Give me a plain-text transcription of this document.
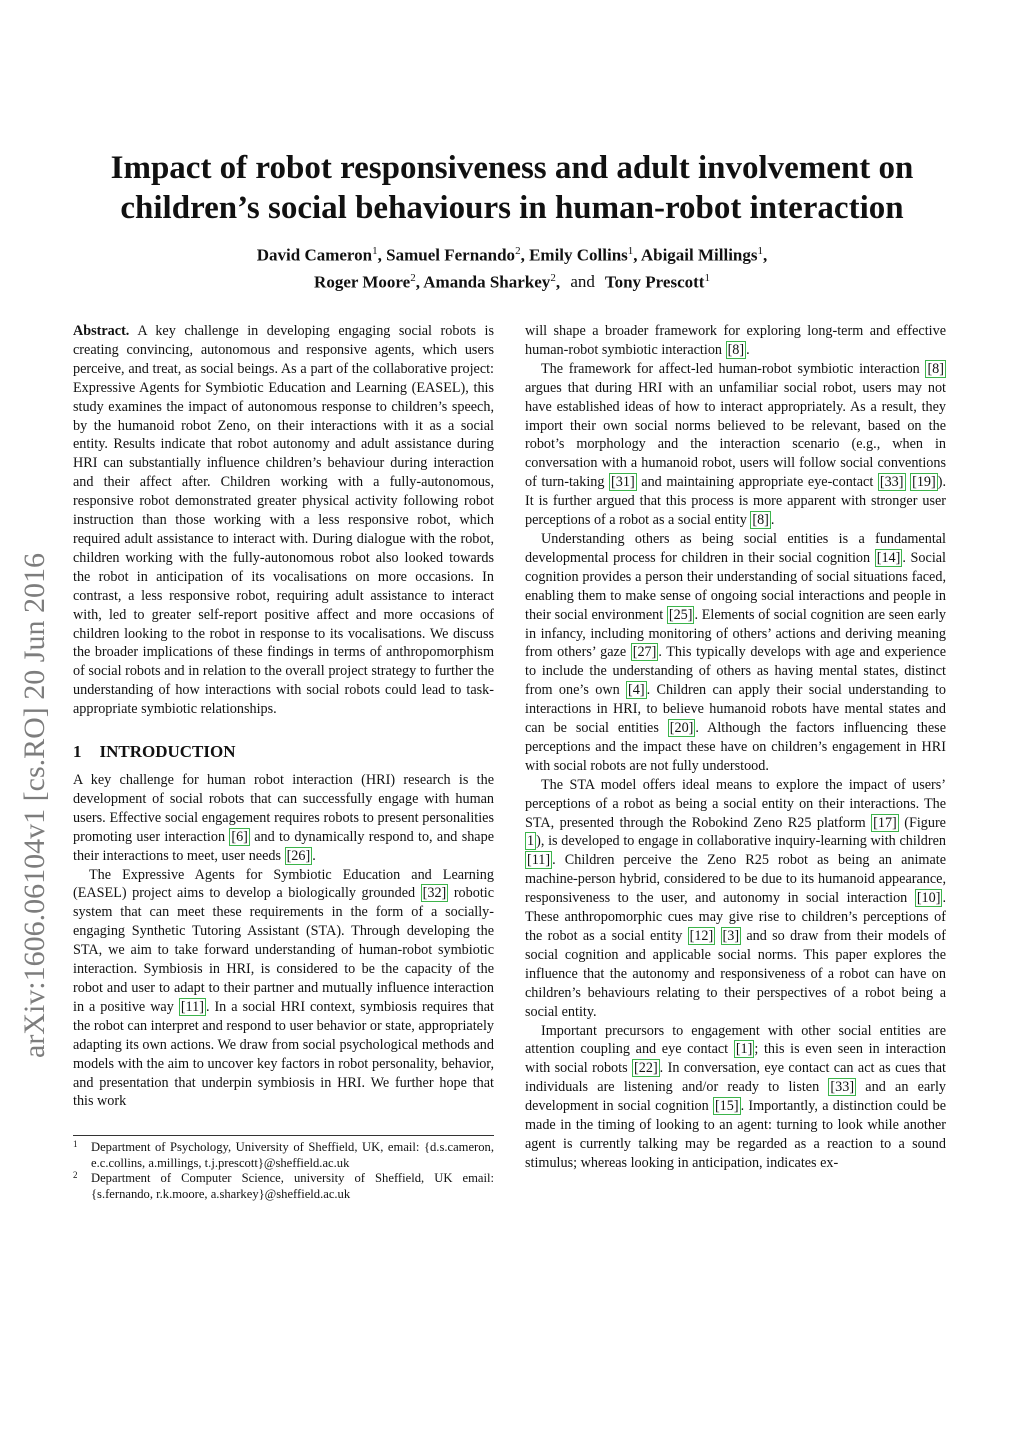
arXiv:1606.06104v1 [cs.RO] 20 Jun 2016
Impact of robot responsiveness and adult involvement on
children’s social behaviours in human-robot interaction
David Cameron$^1$, Samuel Fernando$^2$, Emily Collins$^1$, Abigail Millings$^1$,
Roger Moore$^2$, Amanda Sharkey$^2$, and Tony Prescott$^1$

Abstract. A key challenge in developing engaging social robots is creating convincing, autonomous and responsive agents, which users perceive, and treat, as social beings. As a part of the collaborative project: Expressive Agents for Symbiotic Education and Learning (EASEL), this study examines the impact of autonomous response to children’s speech, by the humanoid robot Zeno, on their interactions with it as a social entity. Results indicate that robot autonomy and adult assistance during HRI can substantially influence children’s behaviour during interaction and their affect after. Children working with a fully-autonomous, responsive robot demonstrated greater physical activity following robot instruction than those working with a less responsive robot, which required adult assistance to interact with. During dialogue with the robot, children working with the fully-autonomous robot also looked towards the robot in anticipation of its vocalisations on more occasions. In contrast, a less responsive robot, requiring adult assistance to interact with, led to greater self-report positive affect and more occasions of children looking to the robot in response to its vocalisations. We discuss the broader implications of these findings in terms of anthropomorphism of social robots and in relation to the overall project strategy to further the understanding of how interactions with social robots could lead to task-appropriate symbiotic relationships.

1 INTRODUCTION

A key challenge for human robot interaction (HRI) research is the development of social robots that can successfully engage with human users. Effective social engagement requires robots to present personalities promoting user interaction [6] and to dynamically respond to, and shape their interactions to meet, user needs [26] .

The Expressive Agents for Symbiotic Education and Learning (EASEL) project aims to develop a biologically grounded [32] robotic system that can meet these requirements in the form of a socially-engaging Synthetic Tutoring Assistant (STA). Through developing the STA, we aim to take forward understanding of human-robot symbiotic interaction. Symbiosis in HRI, is considered to be the capacity of the robot and user to adapt to their partner and mutually influence interaction in a positive way [11] . In a social HRI context, symbiosis requires that the robot can interpret and respond to user behavior or state, appropriately adapting its own actions. We draw from social psychological methods and models with the aim to uncover key factors in robot personality, behavior, and presentation that underpin symbiosis in HRI. We further hope that this work

1 Department of Psychology, University of Sheffield, UK, email: {d.s.cameron, e.c.collins, a.millings, t.j.prescott}@sheffield.ac.uk
2 Department of Computer Science, university of Sheffield, UK email: {s.fernando, r.k.moore, a.sharkey}@sheffield.ac.uk

will shape a broader framework for exploring long-term and effective human-robot symbiotic interaction [8] .

The framework for affect-led human-robot symbiotic interaction [8] argues that during HRI with an unfamiliar social robot, users may not have established ideas of how to interact appropriately. As a result, they import their own social norms believed to be relevant, based on the robot’s morphology and the interaction scenario (e.g., when in conversation with a humanoid robot, users will follow social conventions of turn-taking [31] and maintaining appropriate eye-contact [33] [19] ). It is further argued that this process is more apparent with stronger user perceptions of a robot as a social entity [8] .

Understanding others as being social entities is a fundamental developmental process for children in their social cognition [14] . Social cognition provides a person their understanding of social situations faced, enabling them to make sense of ongoing social interactions and people in their social environment [25] . Elements of social cognition are seen early in infancy, including monitoring of others’ actions and deriving meaning from others’ gaze [27] . This typically develops with age and experience to include the understanding of others as having mental states, distinct from one’s own [4] . Children can apply their social understanding to interactions in HRI, to believe humanoid robots have mental states and can be social entities [20] . Although the factors influencing these perceptions and the impact these have on children’s engagement in HRI with social robots are not fully understood.

The STA model offers ideal means to explore the impact of users’ perceptions of a robot as being a social entity on their interactions. The STA, presented through the Robokind Zeno R25 platform [17] (Figure 1 ), is developed to engage in collaborative inquiry-learning with children [11] . Children perceive the Zeno R25 robot as being an animate machine-person hybrid, considered to be due to its humanoid appearance, responsiveness to the user, and autonomy in social interaction [10] . These anthropomorphic cues may give rise to children’s perceptions of the robot as a social entity [12] [3] and so draw from their models of social cognition and applicable social norms. This paper explores the influence that the autonomy and responsiveness of a robot can have on children’s behaviours relating to their perspectives of a robot being a social entity.

Important precursors to engagement with other social entities are attention coupling and eye contact [1] ; this is even seen in interaction with social robots [22] . In conversation, eye contact can act as cues that individuals are listening and/or ready to listen [33] and an early development in social cognition [15] . Importantly, a distinction could be made in the timing of looking to an agent: turning to look while another agent is currently talking may be regarded as a reaction to a sound stimulus; whereas looking in anticipation, indicates ex-
